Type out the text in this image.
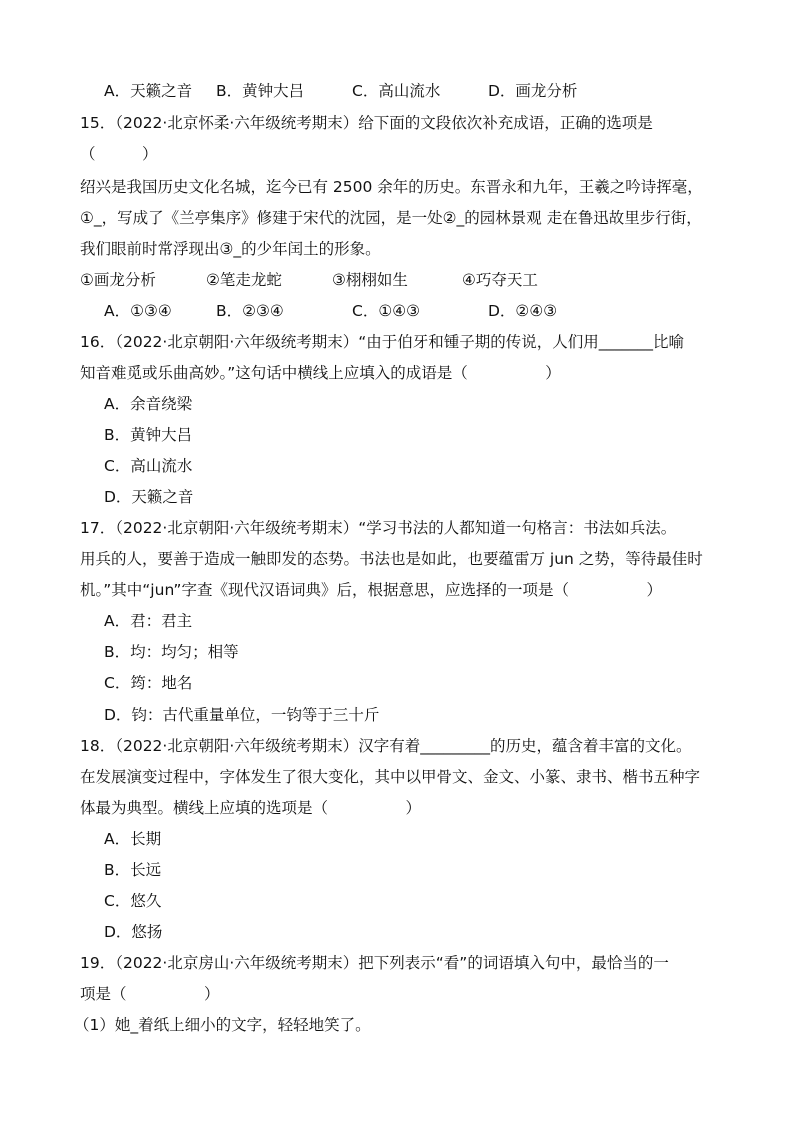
A．天籁之音

B．黄钟大吕

	C．高山流水

	D．画龙分析

15．（2022·北京怀柔·六年级统考期末）给下面的文段依次补充成语，正确的选项是
（　　　）
绍兴是我国历史文化名城，迄今已有 2500 余年的历史。东晋永和九年，王羲之吟诗挥毫，
①_，写成了《兰亭集序》修建于宋代的沈园，是一处②_的园林景观 走在鲁迅故里步行街，
我们眼前时常浮现出③_的少年闰土的形象。

①画龙分析

	②笔走龙蛇

	③栩栩如生

	④巧夺天工

A．①③④

	B．②③④

	C．①④③

	D．②④③

16．（2022·北京朝阳·六年级统考期末）“由于伯牙和锺子期的传说，人们用_______比喻
知音难觅或乐曲高妙。”这句话中横线上应填入的成语是（　　　　　）
A．余音绕梁
B．黄钟大吕
C．高山流水
D．天籁之音
17．（2022·北京朝阳·六年级统考期末）“学习书法的人都知道一句格言：书法如兵法。
用兵的人，要善于造成一触即发的态势。书法也是如此，也要蕴雷万 jun 之势，等待最佳时
机。”其中“jun”字查《现代汉语词典》后，根据意思，应选择的一项是（　　　　　）
A．君：君主
B．均：均匀；相等
C．筠：地名
D．钧：古代重量单位，一钧等于三十斤
18．（2022·北京朝阳·六年级统考期末）汉字有着_________的历史，蕴含着丰富的文化。
在发展演变过程中，字体发生了很大变化，其中以甲骨文、金文、小篆、隶书、楷书五种字
体最为典型。横线上应填的选项是（　　　　　）
A．长期
B．长远
C．悠久
D．悠扬
19．（2022·北京房山·六年级统考期末）把下列表示“看”的词语填入句中，最恰当的一
项是（　　　　　）
（1）她_着纸上细小的文字，轻轻地笑了。
